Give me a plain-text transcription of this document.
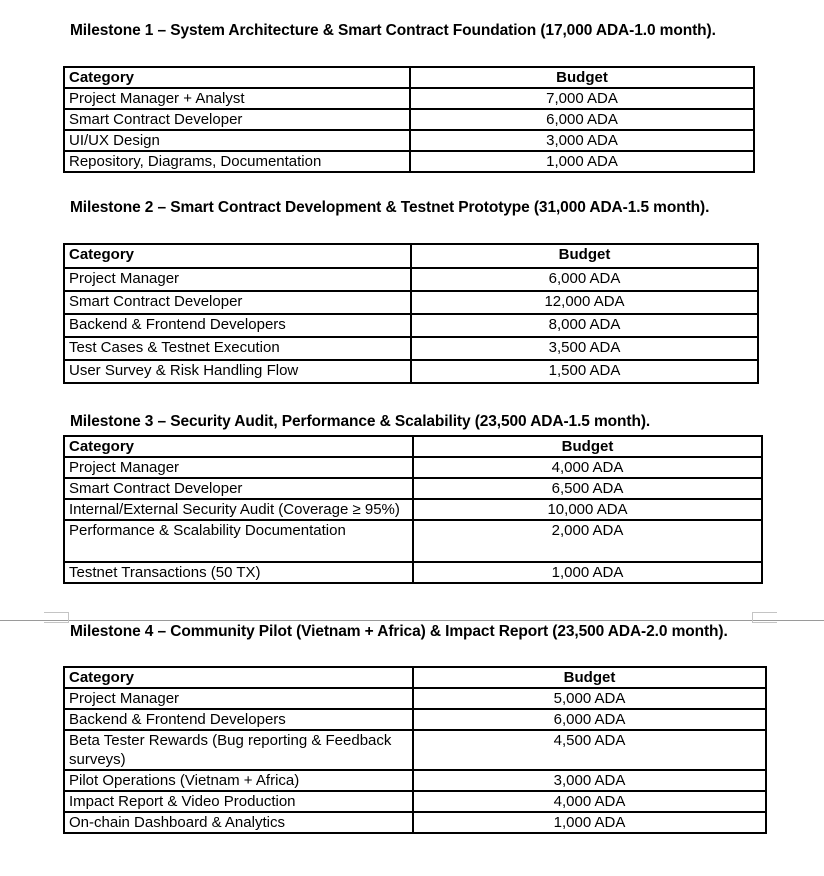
Milestone 1 – System Architecture & Smart Contract Foundation (17,000 ADA-1.0 month).
Category	Budget
Project Manager + Analyst	7,000 ADA
Smart Contract Developer	6,000 ADA
UI/UX Design	3,000 ADA
Repository, Diagrams, Documentation	1,000 ADA
Milestone 2 – Smart Contract Development & Testnet Prototype (31,000 ADA-1.5 month).
Category	Budget
Project Manager	6,000 ADA
Smart Contract Developer	12,000 ADA
Backend & Frontend Developers	8,000 ADA
Test Cases & Testnet Execution	3,500 ADA
User Survey & Risk Handling Flow	1,500 ADA
Milestone 3 – Security Audit, Performance & Scalability (23,500 ADA-1.5 month).
Category	Budget
Project Manager	4,000 ADA
Smart Contract Developer	6,500 ADA
Internal/External Security Audit (Coverage ≥ 95%)	10,000 ADA
Performance & Scalability Documentation	2,000 ADA
Testnet Transactions (50 TX)	1,000 ADA
Milestone 4 – Community Pilot (Vietnam + Africa) & Impact Report (23,500 ADA-2.0 month).
Category	Budget
Project Manager	5,000 ADA
Backend & Frontend Developers	6,000 ADA
Beta Tester Rewards (Bug reporting & Feedback surveys)	4,500 ADA
Pilot Operations (Vietnam + Africa)	3,000 ADA
Impact Report & Video Production	4,000 ADA
On-chain Dashboard & Analytics	1,000 ADA
